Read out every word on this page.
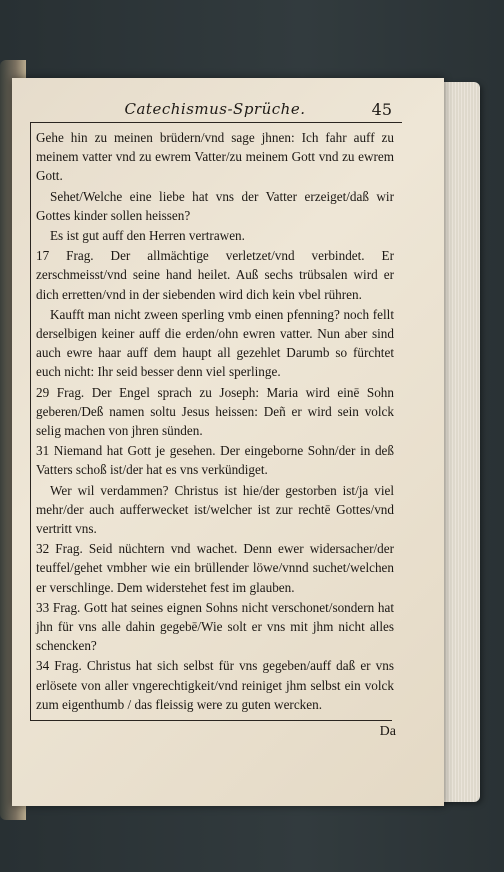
Catechismus-Sprüche.	45

Gehe hin zu meinen brüdern/vnd sage jhnen: Ich fahr auff zu meinem vatter vnd zu ewrem Vatter/zu meinem Gott vnd zu ewrem Gott.

Sehet/Welche eine liebe hat vns der Vatter erzeiget/daß wir Gottes kinder sollen heissen?

Es ist gut auff den Herren vertrawen.

17 Frag. Der allmächtige verletzet/vnd verbindet. Er zerschmeisst/vnd seine hand heilet. Auß sechs trübsalen wird er dich erretten/vnd in der siebenden wird dich kein vbel rühren.

Kaufft man nicht zween sperling vmb einen pfenning? noch fellt derselbigen keiner auff die erden/ohn ewren vatter. Nun aber sind auch ewre haar auff dem haupt all gezehlet Darumb so fürchtet euch nicht: Ihr seid besser denn viel sperlinge.

29 Frag. Der Engel sprach zu Joseph: Maria wird einē Sohn geberen/Deß namen soltu Jesus heissen: Deñ er wird sein volck selig machen von jhren sünden.

31 Niemand hat Gott je gesehen. Der eingeborne Sohn/der in deß Vatters schoß ist/der hat es vns verkündiget.

Wer wil verdammen? Christus ist hie/der gestorben ist/ja viel mehr/der auch aufferwecket ist/welcher ist zur rechtē Gottes/vnd vertritt vns.

32 Frag. Seid nüchtern vnd wachet. Denn ewer widersacher/der teuffel/gehet vmbher wie ein brüllender löwe/vnnd suchet/welchen er verschlinge. Dem widerstehet fest im glauben.

33 Frag. Gott hat seines eignen Sohns nicht verschonet/sondern hat jhn für vns alle dahin gegebē/Wie solt er vns mit jhm nicht alles schencken?

34 Frag. Christus hat sich selbst für vns gegeben/auff daß er vns erlösete von aller vngerechtigkeit/vnd reiniget jhm selbst ein volck zum eigenthumb / das fleissig were zu guten wercken.

Da
